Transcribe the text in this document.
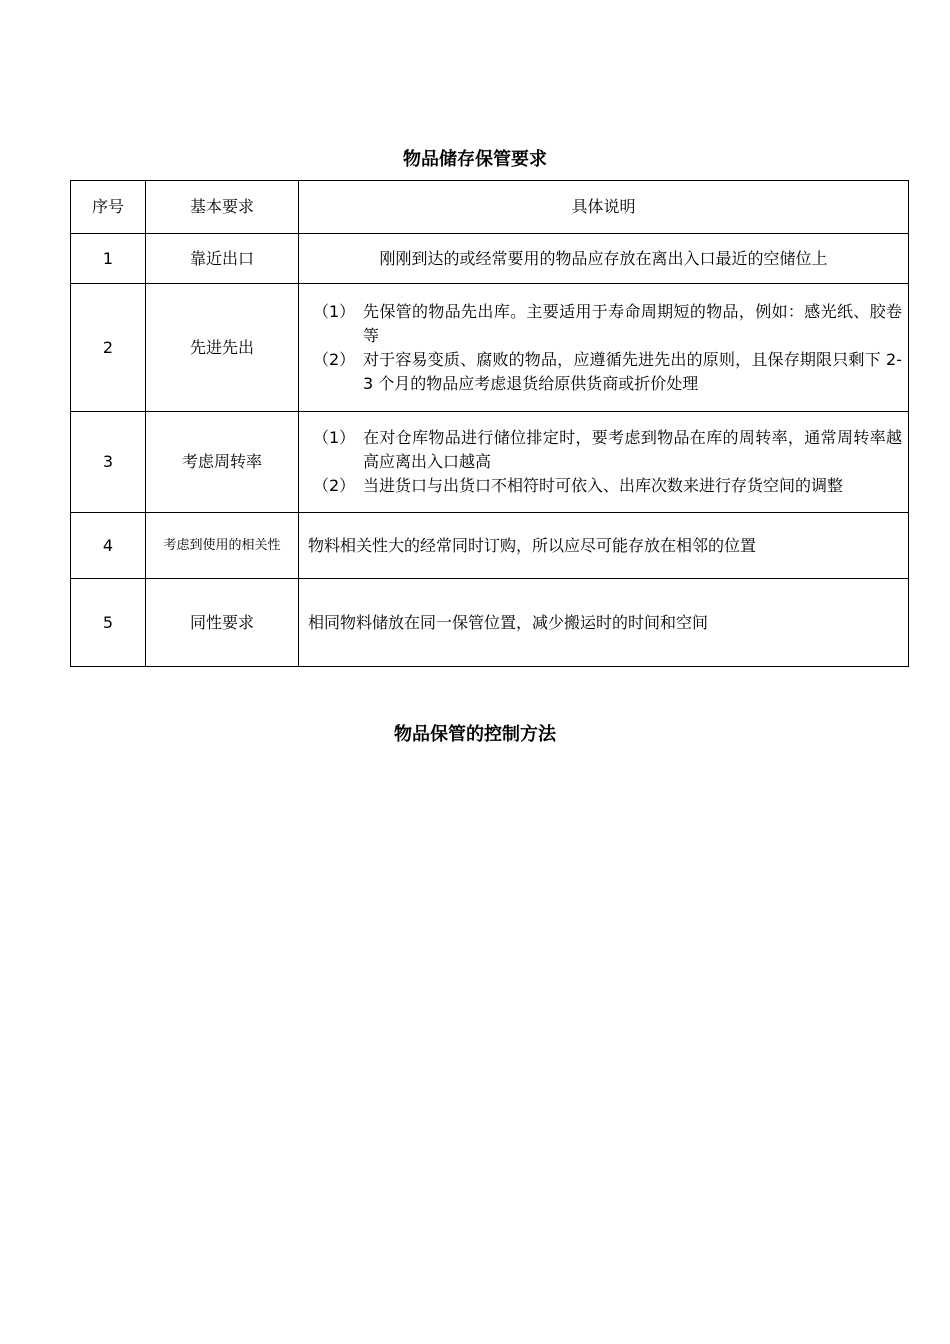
物品储存保管要求
序号	基本要求	具体说明
1	靠近出口	刚刚到达的或经常要用的物品应存放在离出入口最近的空储位上
2	先进先出	（1） 先保管的物品先出库。主要适用于寿命周期短的物品，例如：感光纸、胶卷等
（2） 对于容易变质、腐败的物品，应遵循先进先出的原则，且保存期限只剩下 2-3 个月的物品应考虑退货给原供货商或折价处理

3	考虑周转率	（1） 在对仓库物品进行储位排定时，要考虑到物品在库的周转率，通常周转率越高应离出入口越高
（2） 当进货口与出货口不相符时可依入、出库次数来进行存货空间的调整

4	考虑到使用的相关性	物料相关性大的经常同时订购，所以应尽可能存放在相邻的位置
5	同性要求	相同物料储放在同一保管位置，减少搬运时的时间和空间
物品保管的控制方法
